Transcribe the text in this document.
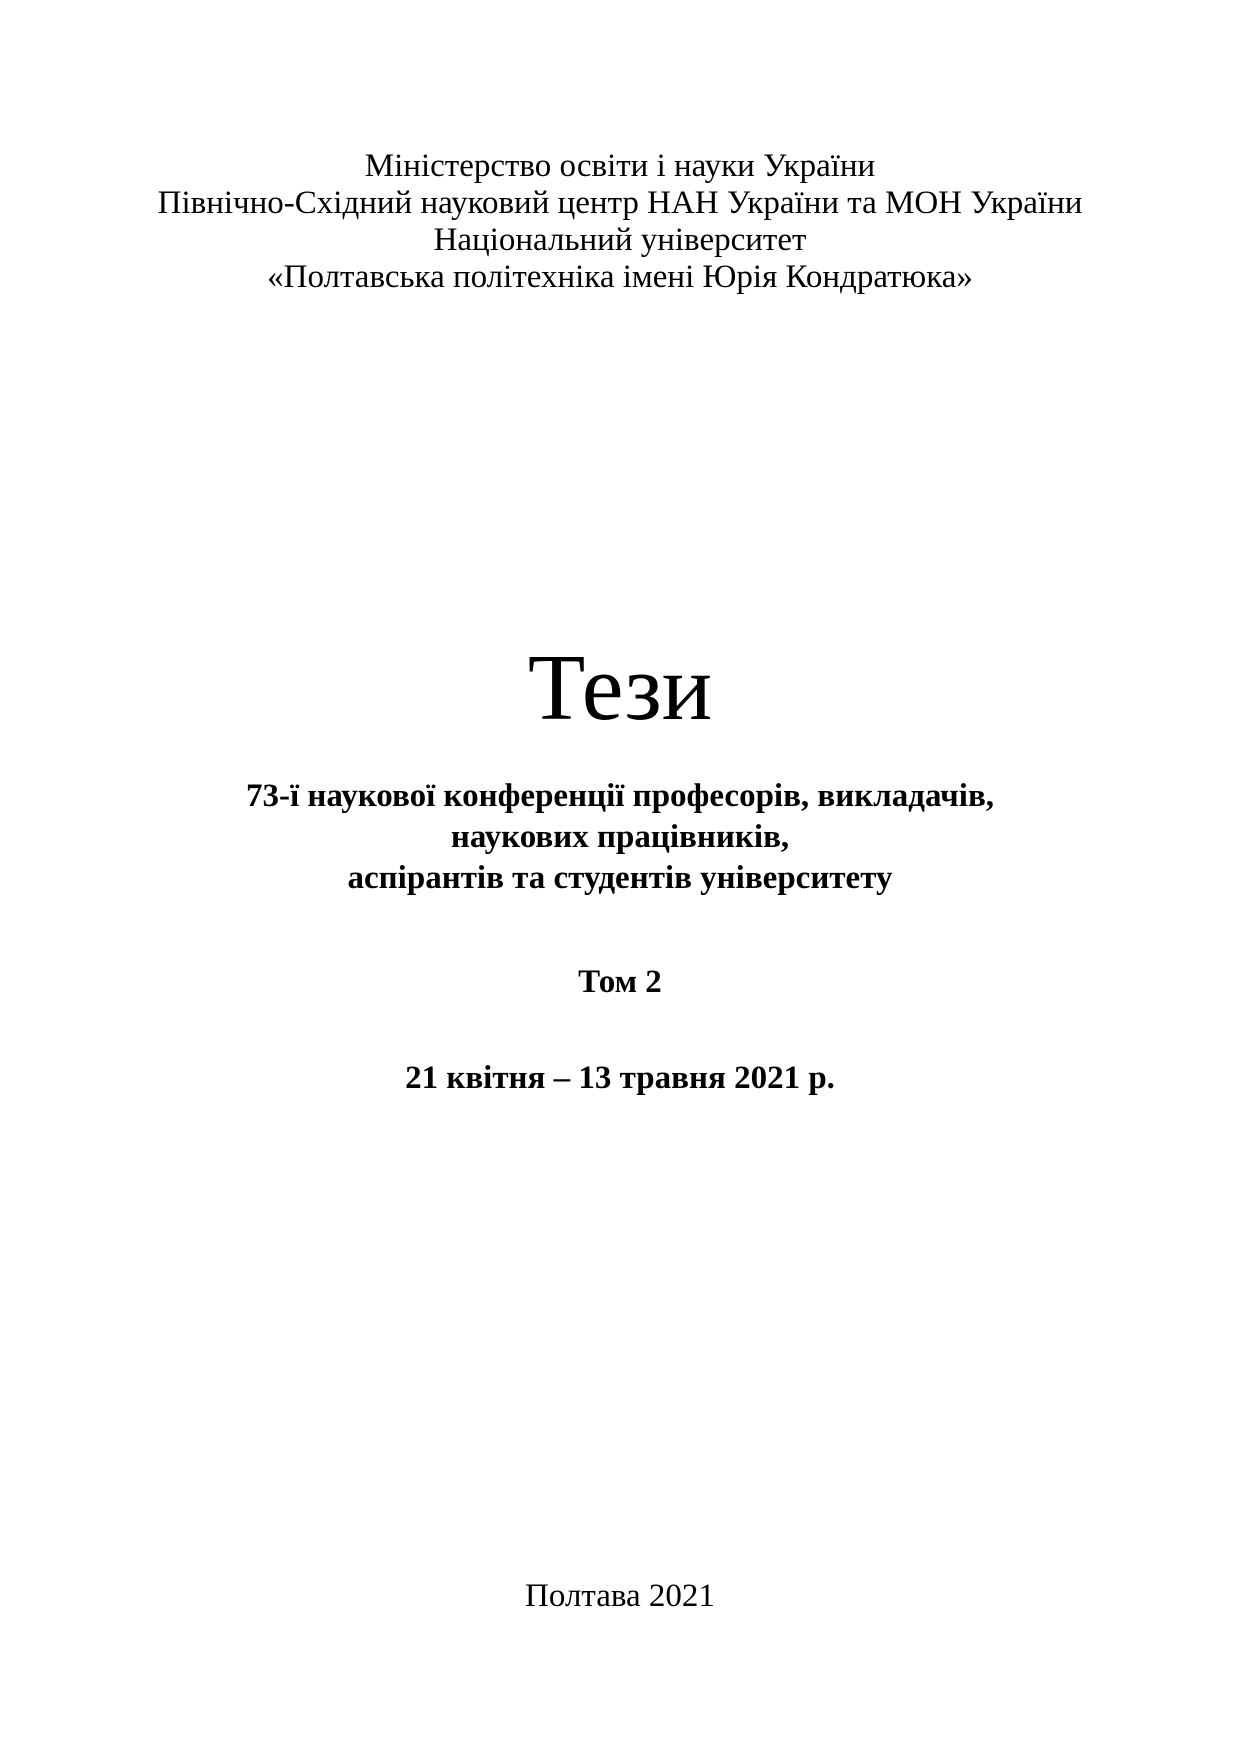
Міністерство освіти і науки України
Північно-Східний науковий центр НАН України та МОН України
Національний університет
«Полтавська політехніка імені Юрія Кондратюка»
Тези
73-ї наукової конференції професорів, викладачів,
наукових працівників,
аспірантів та студентів університету
Том 2
21 квітня – 13 травня 2021 р.
Полтава 2021
